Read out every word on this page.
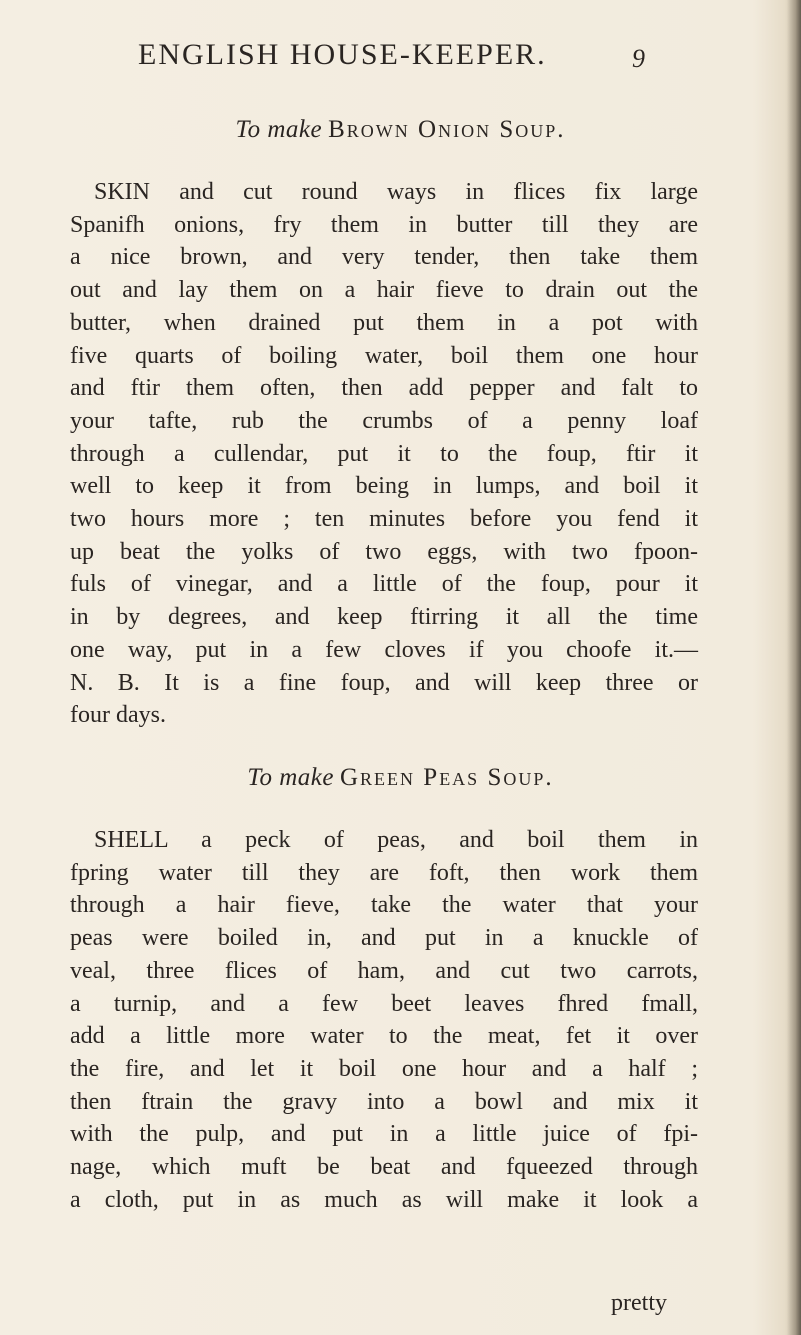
ENGLISH HOUSE-KEEPER.	9
To make Brown Onion Soup.
SKIN and cut round ways in flices fix large
Spanifh onions, fry them in butter till they are
a nice brown, and very tender, then take them
out and lay them on a hair fieve to drain out the
butter, when drained put them in a pot with
five quarts of boiling water, boil them one hour
and ftir them often, then add pepper and falt to
your tafte, rub the crumbs of a penny loaf
through a cullendar, put it to the foup, ftir it
well to keep it from being in lumps, and boil it
two hours more ; ten minutes before you fend it
up beat the yolks of two eggs, with two fpoon-
fuls of vinegar, and a little of the foup, pour it
in by degrees, and keep ftirring it all the time
one way, put in a few cloves if you choofe it.—
N. B. It is a fine foup, and will keep three or
four days.
To make Green Peas Soup.
SHELL a peck of peas, and boil them in
fpring water till they are foft, then work them
through a hair fieve, take the water that your
peas were boiled in, and put in a knuckle of
veal, three flices of ham, and cut two carrots,
a turnip, and a few beet leaves fhred fmall,
add a little more water to the meat, fet it over
the fire, and let it boil one hour and a half ;
then ftrain the gravy into a bowl and mix it
with the pulp, and put in a little juice of fpi-
nage, which muft be beat and fqueezed through
a cloth, put in as much as will make it look a
pretty
